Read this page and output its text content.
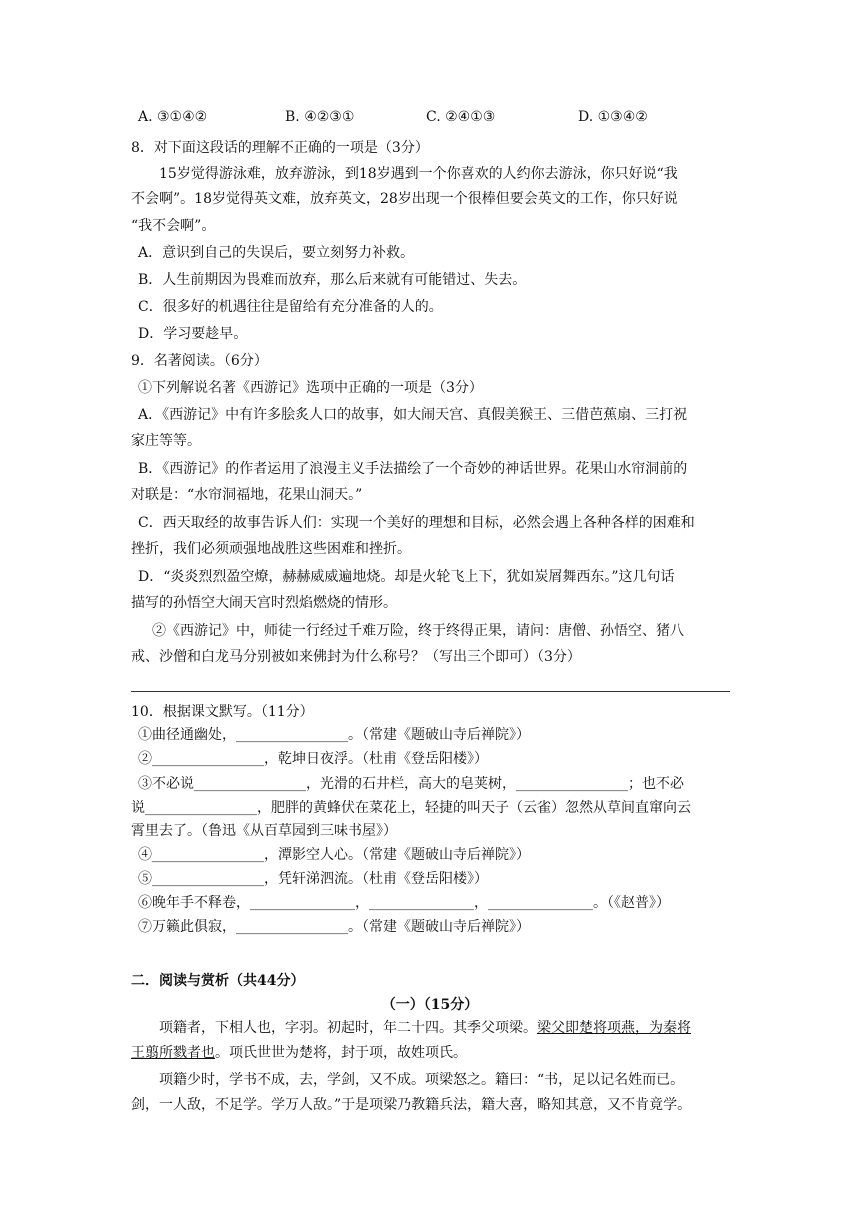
A. ③①④②	B. ④②③①	C. ②④①③	D. ①③④②
8．对下面这段话的理解不正确的一项是（3分）
15岁觉得游泳难，放弃游泳，到18岁遇到一个你喜欢的人约你去游泳，你只好说“我
不会啊”。18岁觉得英文难，放弃英文，28岁出现一个很棒但要会英文的工作，你只好说
“我不会啊”。
A．意识到自己的失误后，要立刻努力补救。
B．人生前期因为畏难而放弃，那么后来就有可能错过、失去。
C．很多好的机遇往往是留给有充分准备的人的。
D．学习要趁早。
9．名著阅读。（6分）
①下列解说名著《西游记》选项中正确的一项是（3分）
A．《西游记》中有许多脍炙人口的故事，如大闹天宫、真假美猴王、三借芭蕉扇、三打祝
家庄等等。
B．《西游记》的作者运用了浪漫主义手法描绘了一个奇妙的神话世界。花果山水帘洞前的
对联是：“水帘洞福地，花果山洞天。”
C．西天取经的故事告诉人们：实现一个美好的理想和目标，必然会遇上各种各样的困难和
挫折，我们必须顽强地战胜这些困难和挫折。
D．“炎炎烈烈盈空燎，赫赫威威遍地烧。却是火轮飞上下，犹如炭屑舞西东。”这几句话
描写的孙悟空大闹天宫时烈焰燃烧的情形。
②《西游记》中，师徒一行经过千难万险，终于终得正果，请问：唐僧、孙悟空、猪八
戒、沙僧和白龙马分别被如来佛封为什么称号？（写出三个即可）（3分）
10．根据课文默写。（11分）
①曲径通幽处，________________。（常建《题破山寺后禅院》）
②________________，乾坤日夜浮。（杜甫《登岳阳楼》）
③不必说________________，光滑的石井栏，高大的皂荚树，________________；也不必
说________________，肥胖的黄蜂伏在菜花上，轻捷的叫天子（云雀）忽然从草间直窜向云
霄里去了。（鲁迅《从百草园到三味书屋》）
④________________，潭影空人心。（常建《题破山寺后禅院》）
⑤________________，凭轩涕泗流。（杜甫《登岳阳楼》）
⑥晚年手不释卷，_______________，_______________，_______________。（《赵普》）
⑦万籁此俱寂，________________。（常建《题破山寺后禅院》）
二．阅读与赏析（共44分）
（一）（15分）
项籍者，下相人也，字羽。初起时，年二十四。其季父项梁。梁父即楚将项燕，为秦将
王翦所戮者也。项氏世世为楚将，封于项，故姓项氏。
项籍少时，学书不成，去，学剑，又不成。项梁怒之。籍曰：“书，足以记名姓而已。
剑，一人敌，不足学。学万人敌。”于是项梁乃教籍兵法，籍大喜，略知其意，又不肯竟学。
